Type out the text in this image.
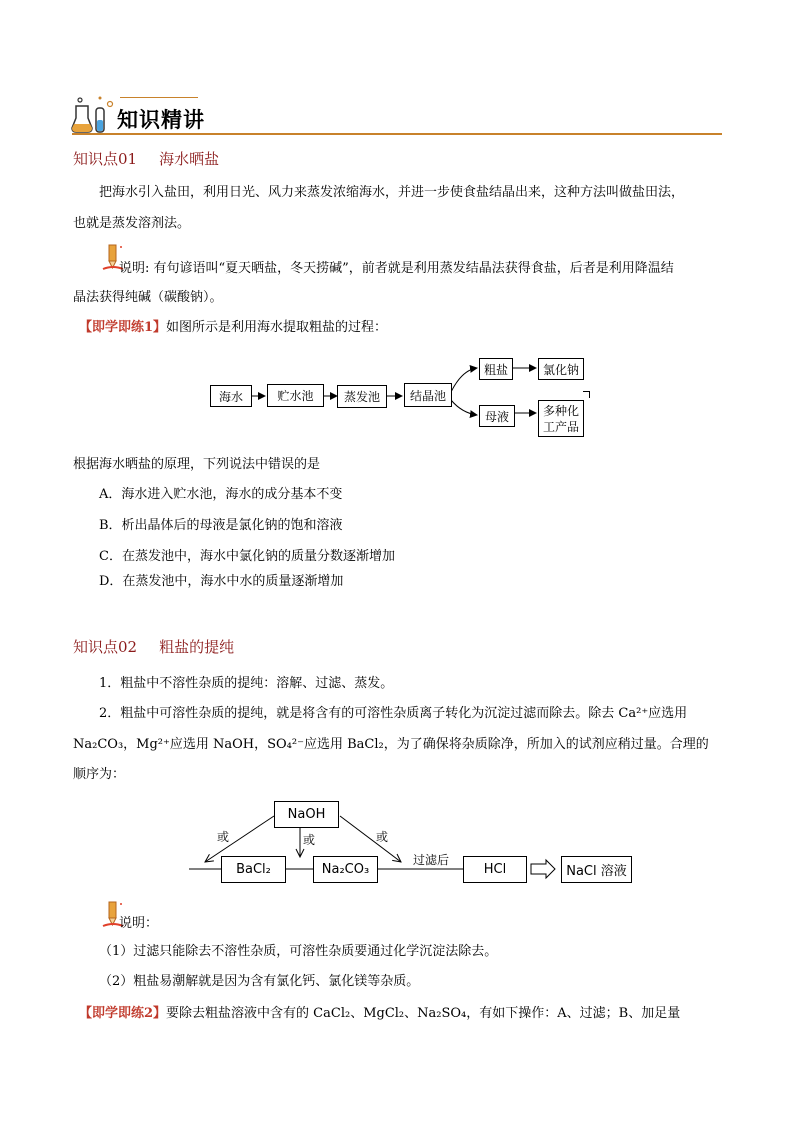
知识精讲
知识点01 海水晒盐
把海水引入盐田，利用日光、风力来蒸发浓缩海水，并进一步使食盐结晶出来，这种方法叫做盐田法，
也就是蒸发溶剂法。
说明: 有句谚语叫“夏天晒盐，冬天捞碱”，前者就是利用蒸发结晶法获得食盐，后者是利用降温结
晶法获得纯碱（碳酸钠）。
【即学即练1】如图所示是利用海水提取粗盐的过程：
海水	贮水池	蒸发池	结晶池
粗盐	氯化钠
母液	多种化
工产品
根据海水晒盐的原理，下列说法中错误的是
A．海水进入贮水池，海水的成分基本不变
B．析出晶体后的母液是氯化钠的饱和溶液
C．在蒸发池中，海水中氯化钠的质量分数逐渐增加
D．在蒸发池中，海水中水的质量逐渐增加
知识点02 粗盐的提纯
1．粗盐中不溶性杂质的提纯：溶解、过滤、蒸发。
2．粗盐中可溶性杂质的提纯，就是将含有的可溶性杂质离子转化为沉淀过滤而除去。除去 Ca²⁺应选用
Na₂CO₃，Mg²⁺应选用 NaOH，SO₄²⁻应选用 BaCl₂，为了确保将杂质除净，所加入的试剂应稍过量。合理的
顺序为：
NaOH
或	或	或
BaCl₂	Na₂CO₃
过滤后
HCl	NaCl 溶液
说明：
（1）过滤只能除去不溶性杂质，可溶性杂质要通过化学沉淀法除去。
（2）粗盐易潮解就是因为含有氯化钙、氯化镁等杂质。
【即学即练2】要除去粗盐溶液中含有的 CaCl₂、MgCl₂、Na₂SO₄，有如下操作：A、过滤；B、加足量
